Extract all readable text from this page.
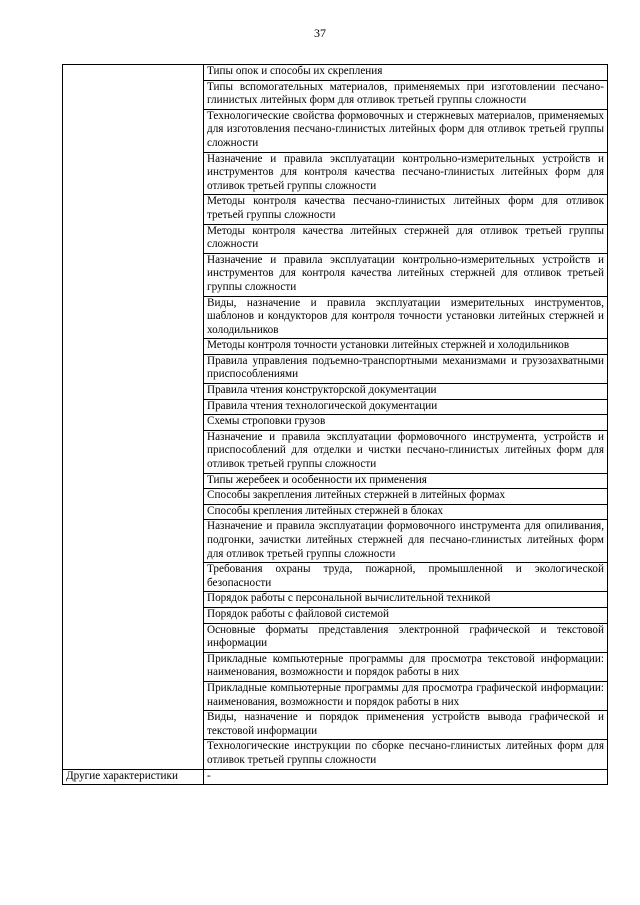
37
	Типы опок и способы их скрепления
	Типы вспомогательных материалов, применяемых при изготовлении песчано-глинистых литейных форм для отливок третьей группы сложности
	Технологические свойства формовочных и стержневых материалов, применяемых для изготовления песчано-глинистых литейных форм для отливок третьей группы сложности
	Назначение и правила эксплуатации контрольно-измерительных устройств и инструментов для контроля качества песчано-глинистых литейных форм для отливок третьей группы сложности
	Методы контроля качества песчано-глинистых литейных форм для отливок третьей группы сложности
	Методы контроля качества литейных стержней для отливок третьей группы сложности
	Назначение и правила эксплуатации контрольно-измерительных устройств и инструментов для контроля качества литейных стержней для отливок третьей группы сложности
	Виды, назначение и правила эксплуатации измерительных инструментов, шаблонов и кондукторов для контроля точности установки литейных стержней и холодильников
	Методы контроля точности установки литейных стержней и холодильников
	Правила управления подъемно-транспортными механизмами и грузозахватными приспособлениями
	Правила чтения конструкторской документации
	Правила чтения технологической документации
	Схемы строповки грузов
	Назначение и правила эксплуатации формовочного инструмента, устройств и приспособлений для отделки и чистки песчано-глинистых литейных форм для отливок третьей группы сложности
	Типы жеребеек и особенности их применения
	Способы закрепления литейных стержней в литейных формах
	Способы крепления литейных стержней в блоках
	Назначение и правила эксплуатации формовочного инструмента для опиливания, подгонки, зачистки литейных стержней для песчано-глинистых литейных форм для отливок третьей группы сложности
	Требования охраны труда, пожарной, промышленной и экологической безопасности
	Порядок работы с персональной вычислительной техникой
	Порядок работы с файловой системой
	Основные форматы представления электронной графической и текстовой информации
	Прикладные компьютерные программы для просмотра текстовой информации: наименования, возможности и порядок работы в них
	Прикладные компьютерные программы для просмотра графической информации: наименования, возможности и порядок работы в них
	Виды, назначение и порядок применения устройств вывода графической и текстовой информации
	Технологические инструкции по сборке песчано-глинистых литейных форм для отливок третьей группы сложности
Другие характеристики	-
